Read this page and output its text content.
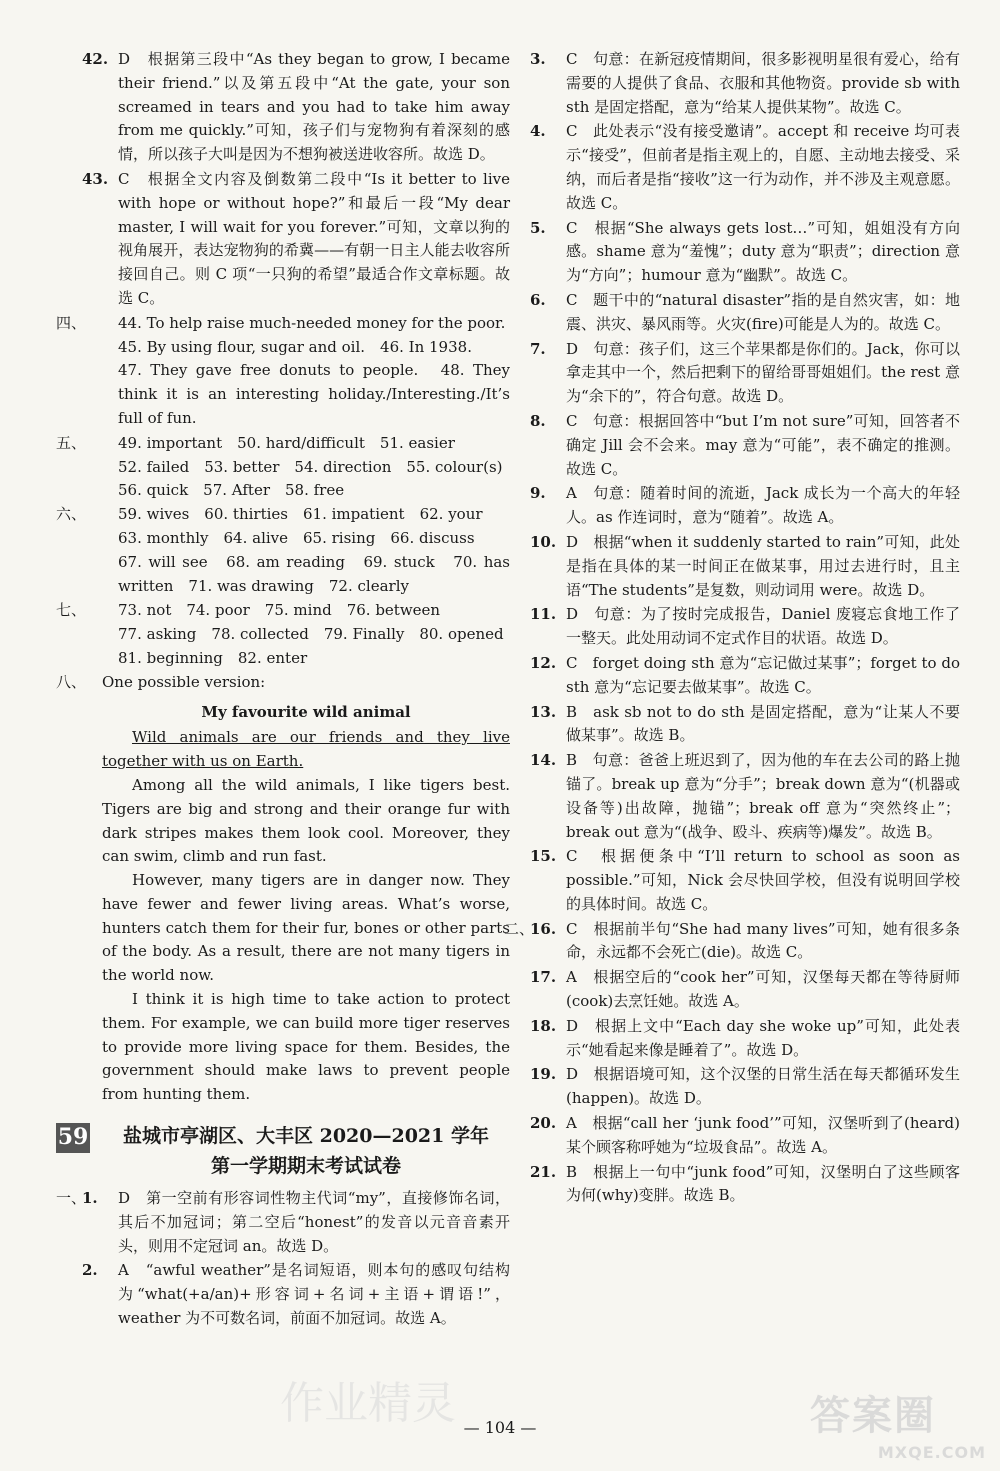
42. D　根据第三段中“As they began to grow, I became their friend.”以及第五段中“At the gate, your son screamed in tears and you had to take him away from me quickly.”可知，孩子们与宠物狗有着深刻的感情，所以孩子大叫是因为不想狗被送进收容所。故选 D。
43. C　根据全文内容及倒数第二段中“Is it better to live with hope or without hope?”和最后一段“My dear master, I will wait for you forever.”可知，文章以狗的视角展开，表达宠物狗的希冀——有朝一日主人能去收容所接回自己。则 C 项“一只狗的希望”最适合作文章标题。故选 C。
四、 44. To help raise much-needed money for the poor.
45. By using flour, sugar and oil.　46. In 1938.
47. They gave free donuts to people.　48. They think it is an interesting holiday./Interesting./It’s full of fun.
五、 49. important　50. hard/difficult　51. easier
52. failed　53. better　54. direction　55. colour(s)
56. quick　57. After　58. free
六、 59. wives　60. thirties　61. impatient　62. your
63. monthly　64. alive　65. rising　66. discuss
67. will see　68. am reading　69. stuck　70. has written　71. was drawing　72. clearly
七、 73. not　74. poor　75. mind　76. between
77. asking　78. collected　79. Finally　80. opened
81. beginning　82. enter
八、 One possible version:
My favourite wild animal

Wild animals are our friends and they live together with us on Earth.

Among all the wild animals, I like tigers best. Tigers are big and strong and their orange fur with dark stripes makes them look cool. Moreover, they can swim, climb and run fast.

However, many tigers are in danger now. They have fewer and fewer living areas. What’s worse, hunters catch them for their fur, bones or other parts of the body. As a result, there are not many tigers in the world now.

I think it is high time to take action to protect them. For example, we can build more tiger reserves to provide more living space for them. Besides, the government should make laws to prevent people from hunting them.

59	盐城市亭湖区、大丰区 2020—2021 学年
第一学期期末考试试卷
一、
1. D　第一空前有形容词性物主代词“my”，直接修饰名词，其后不加冠词；第二空后“honest”的发音以元音音素开头，则用不定冠词 an。故选 D。
2. A　“awful weather”是名词短语，则本句的感叹句结构为“what(+a/an)+形容词+名词+主语+谓语!”，weather 为不可数名词，前面不加冠词。故选 A。
3. C　句意：在新冠疫情期间，很多影视明星很有爱心，给有需要的人提供了食品、衣服和其他物资。provide sb with sth 是固定搭配，意为“给某人提供某物”。故选 C。
4. C　此处表示“没有接受邀请”。accept 和 receive 均可表示“接受”，但前者是指主观上的，自愿、主动地去接受、采纳，而后者是指“接收”这一行为动作，并不涉及主观意愿。故选 C。
5. C　根据“She always gets lost…”可知，姐姐没有方向感。shame 意为“羞愧”；duty 意为“职责”；direction 意为“方向”；humour 意为“幽默”。故选 C。
6. C　题干中的“natural disaster”指的是自然灾害，如：地震、洪灾、暴风雨等。火灾(fire)可能是人为的。故选 C。
7. D　句意：孩子们，这三个苹果都是你们的。Jack，你可以拿走其中一个，然后把剩下的留给哥哥姐姐们。the rest 意为“余下的”，符合句意。故选 D。
8. C　句意：根据回答中“but I’m not sure”可知，回答者不确定 Jill 会不会来。may 意为“可能”，表不确定的推测。故选 C。
9. A　句意：随着时间的流逝，Jack 成长为一个高大的年轻人。as 作连词时，意为“随着”。故选 A。
10. D　根据“when it suddenly started to rain”可知，此处是指在具体的某一时间正在做某事，用过去进行时，且主语“The students”是复数，则动词用 were。故选 D。
11. D　句意：为了按时完成报告，Daniel 废寝忘食地工作了一整天。此处用动词不定式作目的状语。故选 D。
12. C　forget doing sth 意为“忘记做过某事”；forget to do sth 意为“忘记要去做某事”。故选 C。
13. B　ask sb not to do sth 是固定搭配，意为“让某人不要做某事”。故选 B。
14. B　句意：爸爸上班迟到了，因为他的车在去公司的路上抛锚了。break up 意为“分手”；break down 意为“(机器或设备等)出故障，抛锚”；break off 意为“突然终止”；break out 意为“(战争、殴斗、疾病等)爆发”。故选 B。
15. C　根据便条中“I’ll return to school as soon as possible.”可知，Nick 会尽快回学校，但没有说明回学校的具体时间。故选 C。
二、
16. C　根据前半句“She had many lives”可知，她有很多条命，永远都不会死亡(die)。故选 C。
17. A　根据空后的“cook her”可知，汉堡每天都在等待厨师(cook)去烹饪她。故选 A。
18. D　根据上文中“Each day she woke up”可知，此处表示“她看起来像是睡着了”。故选 D。
19. D　根据语境可知，这个汉堡的日常生活在每天都循环发生(happen)。故选 D。
20. A　根据“call her ‘junk food’”可知，汉堡听到了(heard)某个顾客称呼她为“垃圾食品”。故选 A。
21. B　根据上一句中“junk food”可知，汉堡明白了这些顾客为何(why)变胖。故选 B。
— 104 —
作业精灵	答案圈
MXQE.COM
